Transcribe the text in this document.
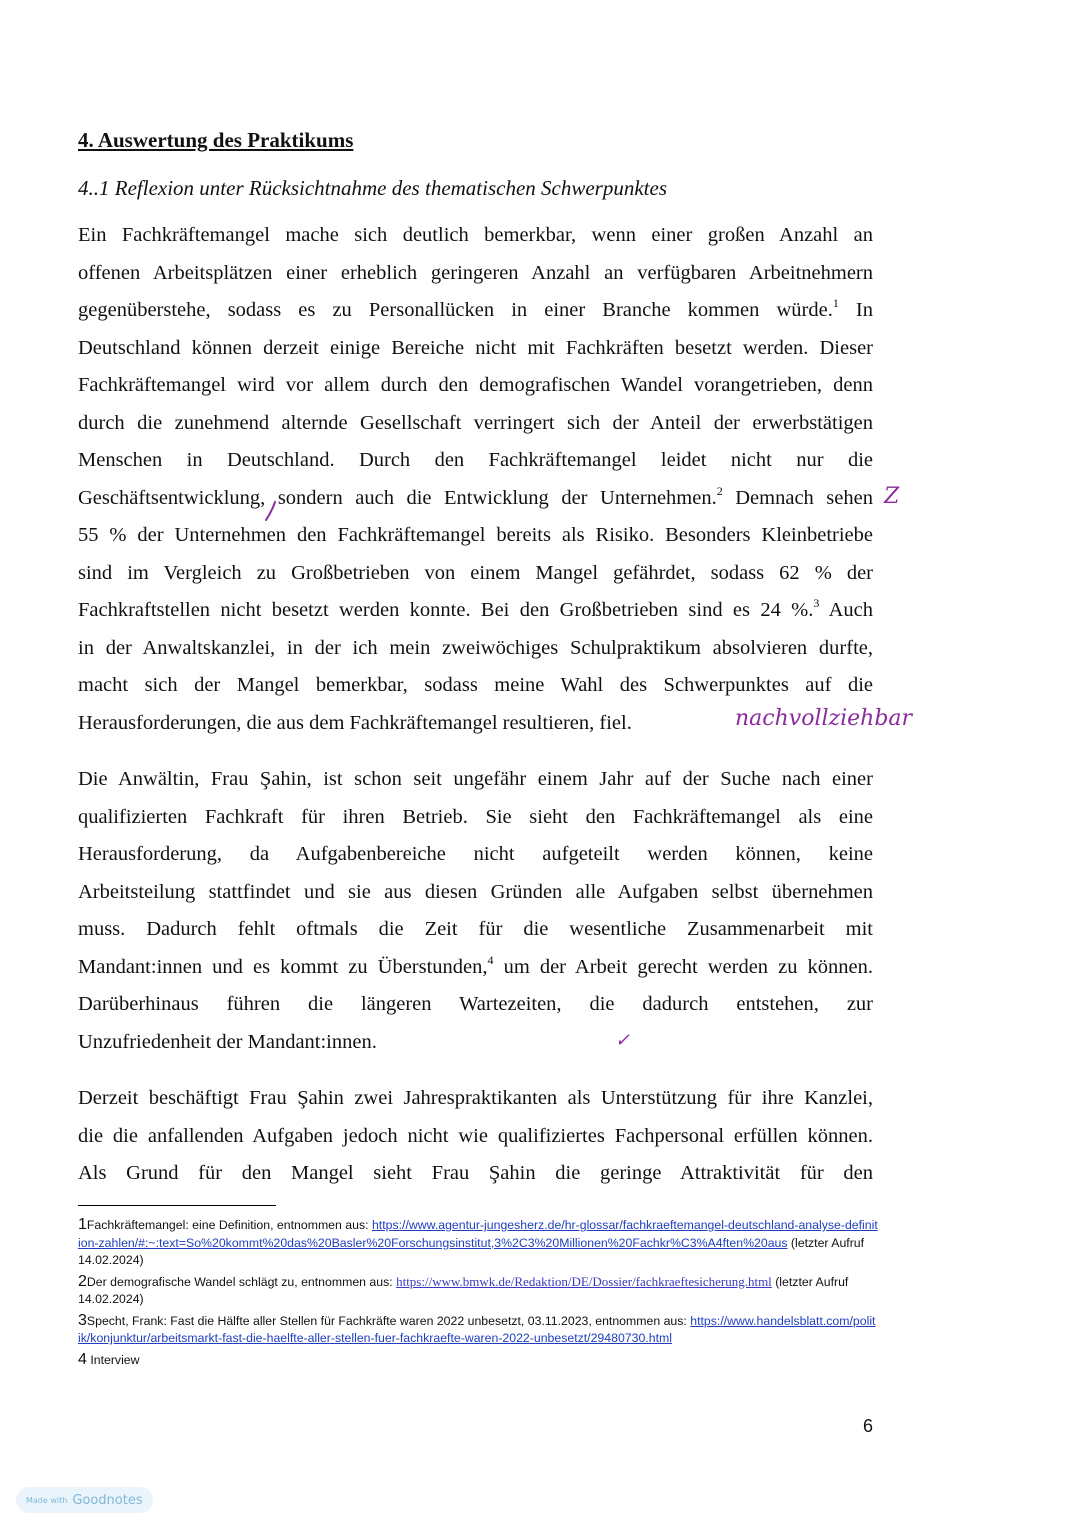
4. Auswertung des Praktikums
4..1 Reflexion unter Rücksichtnahme des thematischen Schwerpunktes
Ein Fachkräftemangel mache sich deutlich bemerkbar, wenn einer großen Anzahl an
offenen Arbeitsplätzen einer erheblich geringeren Anzahl an verfügbaren Arbeitnehmern
gegenüberstehe, sodass es zu Personallücken in einer Branche kommen würde.$^1$ In
Deutschland können derzeit einige Bereiche nicht mit Fachkräften besetzt werden. Dieser
Fachkräftemangel wird vor allem durch den demografischen Wandel vorangetrieben, denn
durch die zunehmend alternde Gesellschaft verringert sich der Anteil der erwerbstätigen
Menschen in Deutschland. Durch den Fachkräftemangel leidet nicht nur die
Geschäftsentwicklung, sondern auch die Entwicklung der Unternehmen.$^2$ Demnach sehen
55 % der Unternehmen den Fachkräftemangel bereits als Risiko. Besonders Kleinbetriebe
sind im Vergleich zu Großbetrieben von einem Mangel gefährdet, sodass 62 % der
Fachkraftstellen nicht besetzt werden konnte. Bei den Großbetrieben sind es 24 %.$^3$ Auch
in der Anwaltskanzlei, in der ich mein zweiwöchiges Schulpraktikum absolvieren durfte,
macht sich der Mangel bemerkbar, sodass meine Wahl des Schwerpunktes auf die
Herausforderungen, die aus dem Fachkräftemangel resultieren, fiel.
Die Anwältin, Frau Şahin, ist schon seit ungefähr einem Jahr auf der Suche nach einer
qualifizierten Fachkraft für ihren Betrieb. Sie sieht den Fachkräftemangel als eine
Herausforderung, da Aufgabenbereiche nicht aufgeteilt werden können, keine
Arbeitsteilung stattfindet und sie aus diesen Gründen alle Aufgaben selbst übernehmen
muss. Dadurch fehlt oftmals die Zeit für die wesentliche Zusammenarbeit mit
Mandant:innen und es kommt zu Überstunden,$^4$ um der Arbeit gerecht werden zu können.
Darüberhinaus führen die längeren Wartezeiten, die dadurch entstehen, zur
Unzufriedenheit der Mandant:innen.
Derzeit beschäftigt Frau Şahin zwei Jahrespraktikanten als Unterstützung für ihre Kanzlei,
die die anfallenden Aufgaben jedoch nicht wie qualifiziertes Fachpersonal erfüllen können.
Als Grund für den Mangel sieht Frau Şahin die geringe Attraktivität für den
Z
nachvollziehbar
✓
1Fachkräftemangel: eine Definition, entnommen aus: https://www.agentur-jungesherz.de/hr-glossar/fachkraeftemangel-deutschland-analyse-definition-zahlen/#:~:text=So%20kommt%20das%20Basler%20Forschungsinstitut,3%2C3%20Millionen%20Fachkr%C3%A4ften%20aus (letzter Aufruf 14.02.2024)
2Der demografische Wandel schlägt zu, entnommen aus: https://www.bmwk.de/Redaktion/DE/Dossier/fachkraeftesicherung.html (letzter Aufruf 14.02.2024)
3Specht, Frank: Fast die Hälfte aller Stellen für Fachkräfte waren 2022 unbesetzt, 03.11.2023, entnommen aus: https://www.handelsblatt.com/politik/konjunktur/arbeitsmarkt-fast-die-haelfte-aller-stellen-fuer-fachkraefte-waren-2022-unbesetzt/29480730.html
4 Interview
6
Made with Goodnotes
